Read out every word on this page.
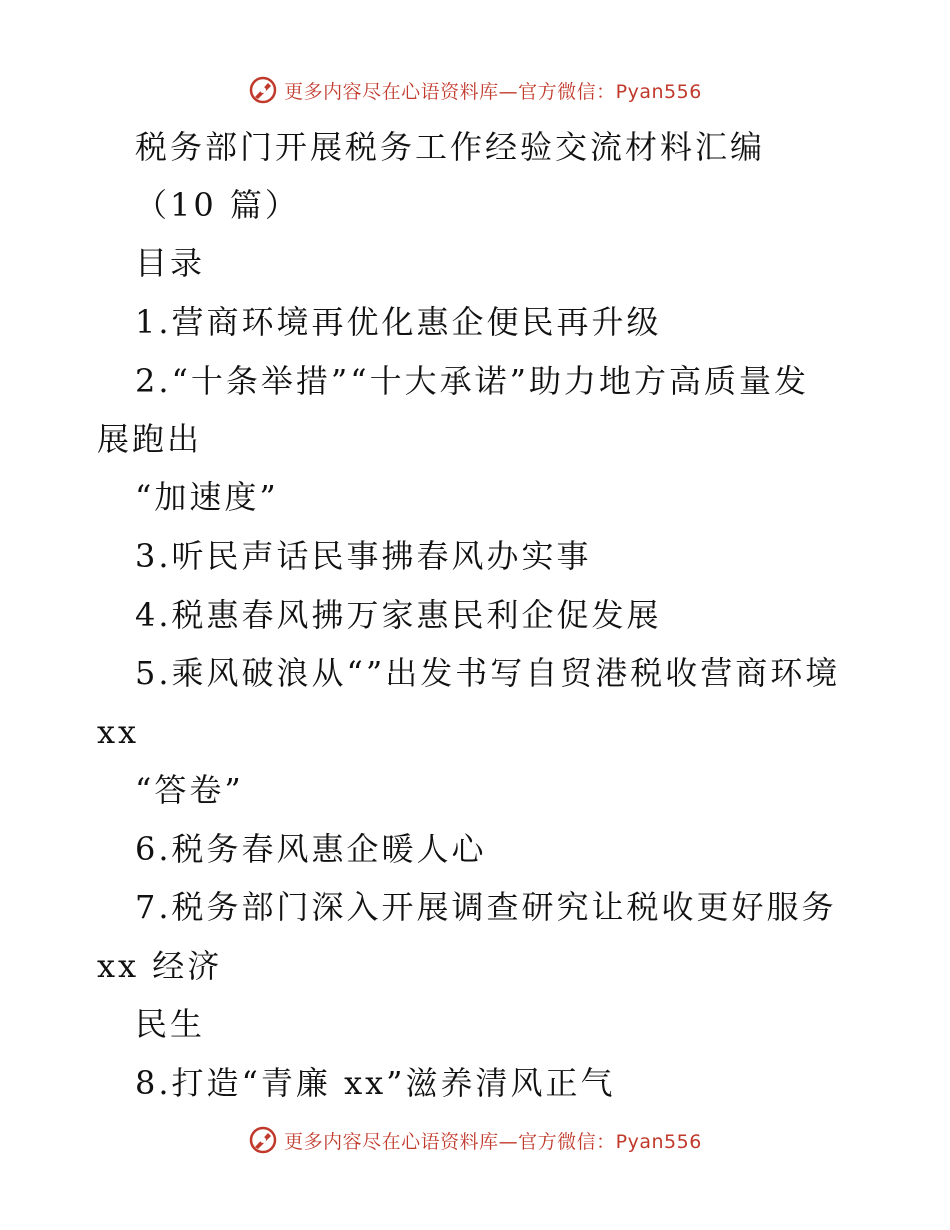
更多内容尽在心语资料库—官方微信：Pyan556
税务部门开展税务工作经验交流材料汇编
（10 篇）
目录
1.营商环境再优化惠企便民再升级
2.“十条举措”“十大承诺”助力地方高质量发
展跑出
“加速度”
3.听民声话民事拂春风办实事
4.税惠春风拂万家惠民利企促发展
5.乘风破浪从“”出发书写自贸港税收营商环境
xx
“答卷”
6.税务春风惠企暖人心
7.税务部门深入开展调查研究让税收更好服务
xx 经济
民生
8.打造“青廉 xx”滋养清风正气
更多内容尽在心语资料库—官方微信：Pyan556
